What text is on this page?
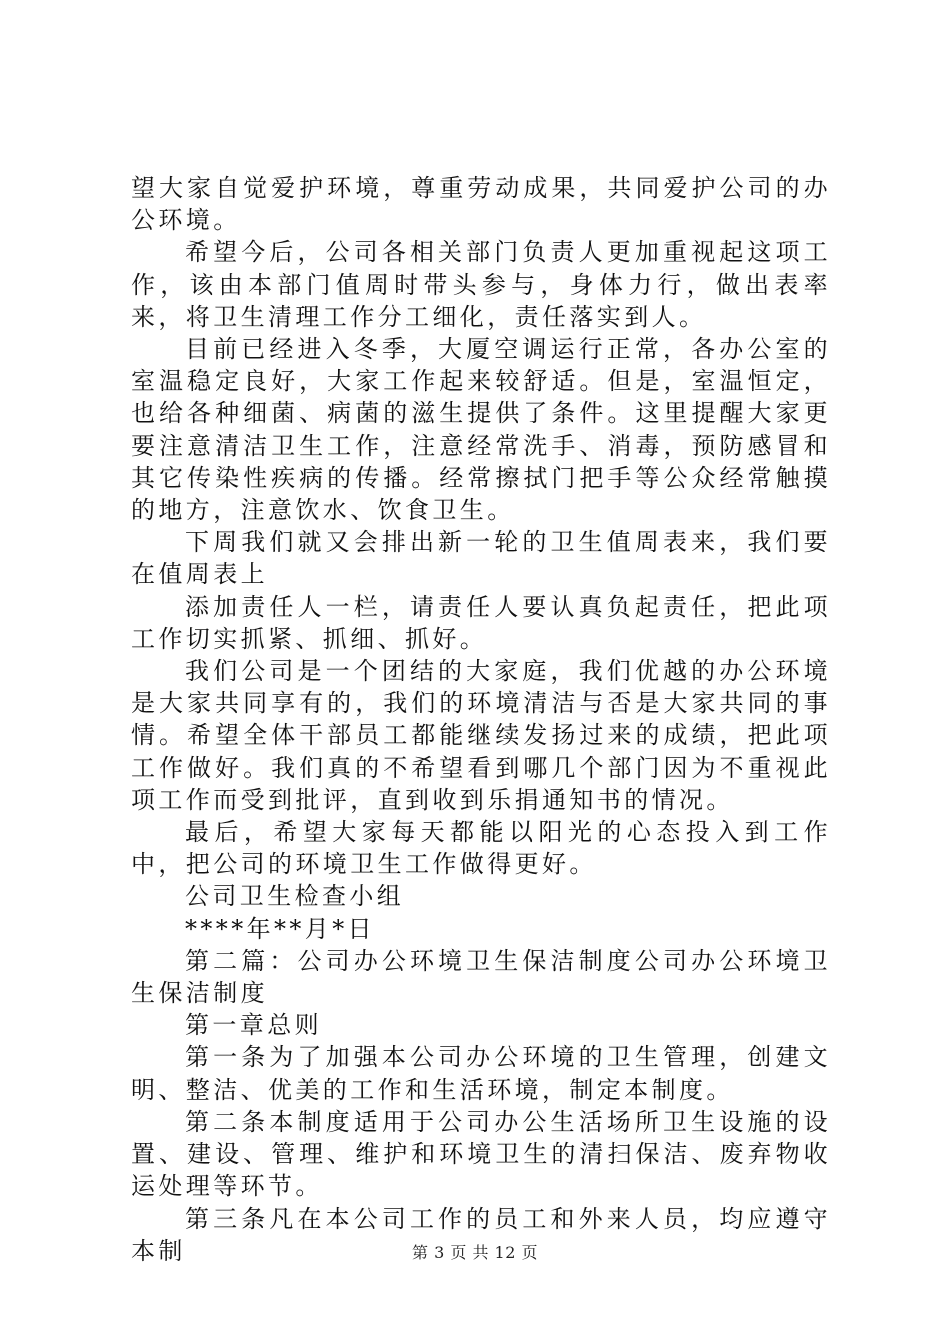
望大家自觉爱护环境，尊重劳动成果，共同爱护公司的办公环境。

希望今后，公司各相关部门负责人更加重视起这项工作，该由本部门值周时带头参与，身体力行，做出表率来，将卫生清理工作分工细化，责任落实到人。

目前已经进入冬季，大厦空调运行正常，各办公室的室温稳定良好，大家工作起来较舒适。但是，室温恒定，也给各种细菌、病菌的滋生提供了条件。这里提醒大家更要注意清洁卫生工作，注意经常洗手、消毒，预防感冒和其它传染性疾病的传播。经常擦拭门把手等公众经常触摸的地方，注意饮水、饮食卫生。

下周我们就又会排出新一轮的卫生值周表来，我们要在值周表上

添加责任人一栏，请责任人要认真负起责任，把此项工作切实抓紧、抓细、抓好。

我们公司是一个团结的大家庭，我们优越的办公环境是大家共同享有的，我们的环境清洁与否是大家共同的事情。希望全体干部员工都能继续发扬过来的成绩，把此项工作做好。我们真的不希望看到哪几个部门因为不重视此项工作而受到批评，直到收到乐捐通知书的情况。

最后，希望大家每天都能以阳光的心态投入到工作中，把公司的环境卫生工作做得更好。

公司卫生检查小组

****年**月*日

第二篇：公司办公环境卫生保洁制度公司办公环境卫生保洁制度

第一章总则

第一条为了加强本公司办公环境的卫生管理，创建文明、整洁、优美的工作和生活环境，制定本制度。

第二条本制度适用于公司办公生活场所卫生设施的设置、建设、管理、维护和环境卫生的清扫保洁、废弃物收运处理等环节。

第三条凡在本公司工作的员工和外来人员，均应遵守本制	第 3 页 共 12 页
